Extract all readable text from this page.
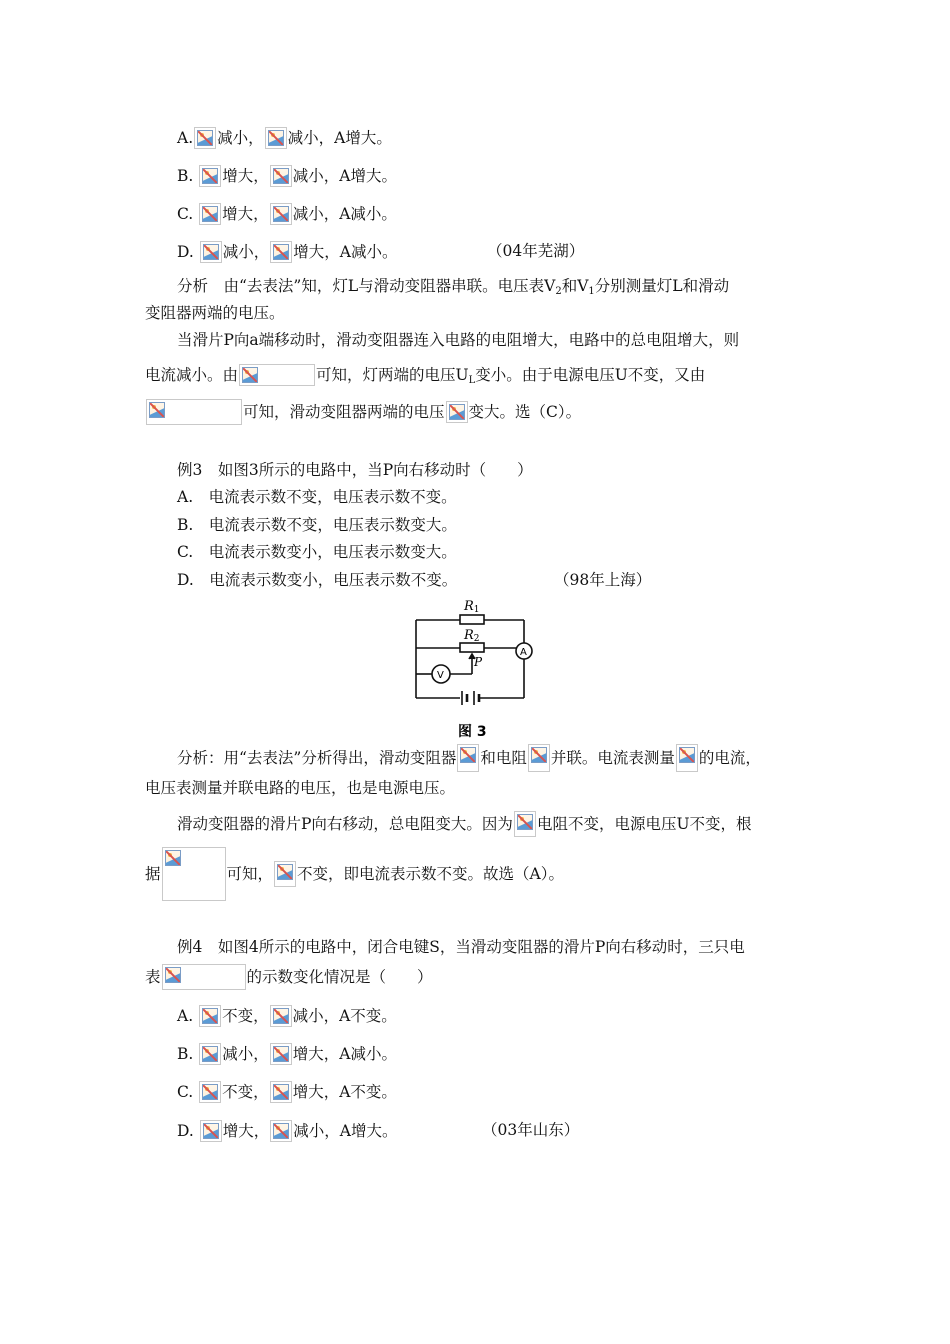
A. 减小， 减小，A增大。
B. 增大， 减小，A增大。
C. 增大， 减小，A减小。
D. 减小， 增大，A减小。	（04年芜湖）
分析　由“去表法”知，灯L与滑动变阻器串联。电压表$V_2$和$V_1$分别测量灯L和滑动
变阻器两端的电压。
当滑片P向a端移动时，滑动变阻器连入电路的电阻增大，电路中的总电阻增大，则
电流减小。由	可知，灯两端的电压$U_L$变小。由于电源电压U不变，又由
可知，滑动变阻器两端的电压 变大。选（C）。
例3　如图3所示的电路中，当P向右移动时（　　）
A.　电流表示数不变，电压表示数不变。
B.　电流表示数不变，电压表示数变大。
C.　电流表示数变小，电压表示数变大。
D.　电流表示数变小，电压表示数不变。	（98年上海）
R1
R2
P
A
V
图 3
分析：用“去表法”分析得出，滑动变阻器 和电阻 并联。电流表测量 的电流，
电压表测量并联电路的电压，也是电源电压。
滑动变阻器的滑片P向右移动，总电阻变大。因为 电阻不变，电源电压U不变，根
据	可知， 不变，即电流表示数不变。故选（A）。
例4　如图4所示的电路中，闭合电键S，当滑动变阻器的滑片P向右移动时，三只电
表	的示数变化情况是（　　）
A. 不变， 减小，A不变。
B. 减小， 增大，A减小。
C. 不变， 增大，A不变。
D. 增大， 减小，A增大。	（03年山东）
